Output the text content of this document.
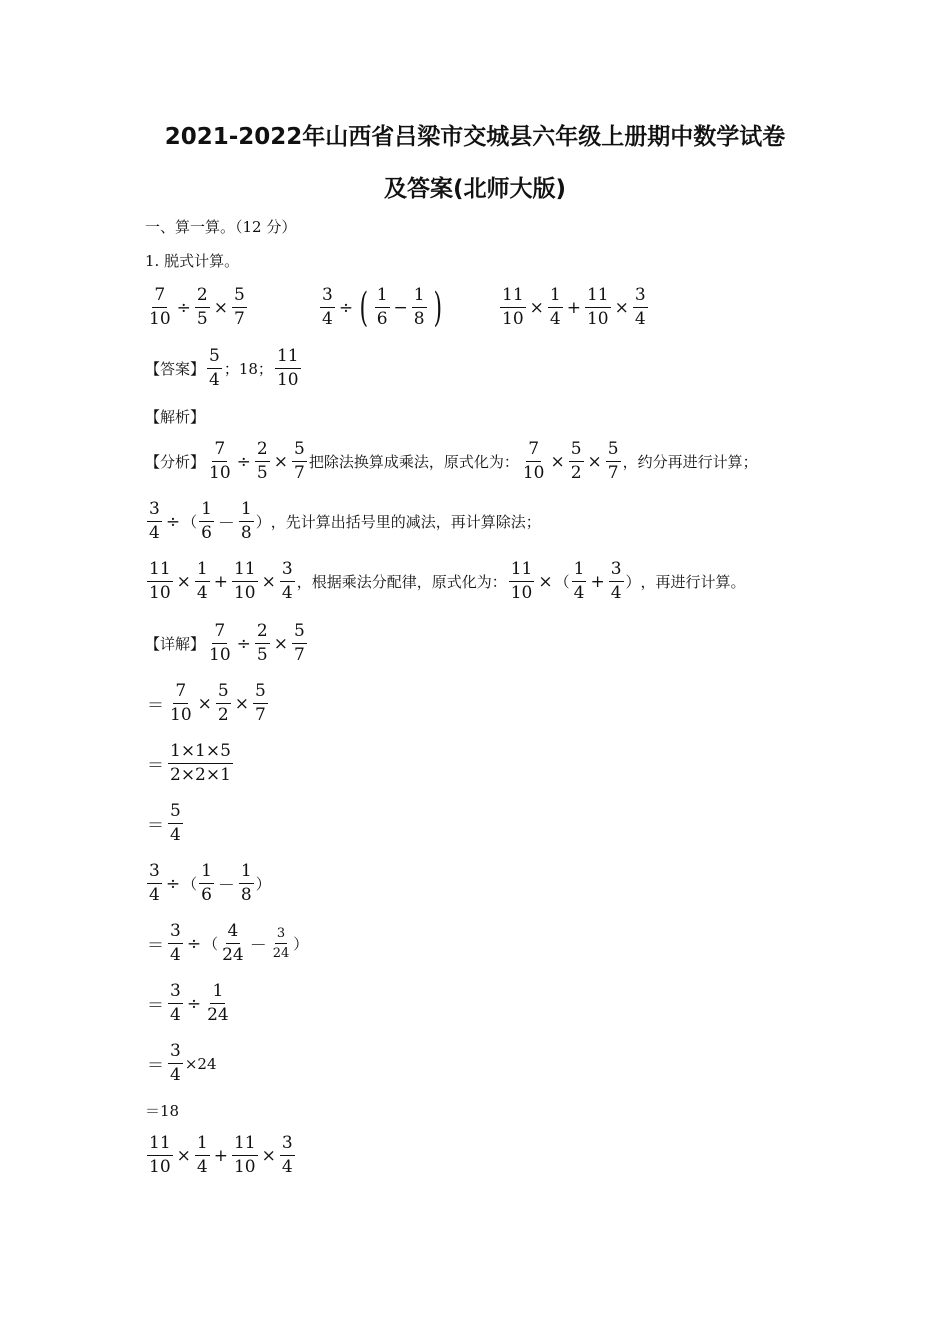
2021-2022年山西省吕梁市交城县六年级上册期中数学试卷
及答案(北师大版)
一、算一算。（12 分）
1. 脱式计算。
$\frac{7}{10} \div \frac{2}{5} \times \frac{5}{7}$	$\frac{3}{4}$ ÷ ( $\frac{1}{6} - \frac{1}{8}$ )	$\frac{11}{10} \times \frac{1}{4} + \frac{11}{10} \times \frac{3}{4}$
【答案】 $\frac{5}{4}$ ；18； $\frac{11}{10}$
【解析】
【分析】 $\frac{7}{10} \div \frac{2}{5} \times \frac{5}{7}$ 把除法换算成乘法，原式化为： $\frac{7}{10} \times \frac{5}{2} \times \frac{5}{7}$ ，约分再进行计算；
$\frac{3}{4}$ ÷ （ $\frac{1}{6} - \frac{1}{8}$ ） ，先计算出括号里的减法，再计算除法；
$\frac{11}{10} \times \frac{1}{4} + \frac{11}{10} \times \frac{3}{4}$ ，根据乘法分配律，原式化为： $\frac{11}{10}$ × （ $\frac{1}{4} + \frac{3}{4}$ ） ，再进行计算。
【详解】 $\frac{7}{10} \div \frac{2}{5} \times \frac{5}{7}$
＝ $\frac{7}{10} \times \frac{5}{2} \times \frac{5}{7}$
＝ $\frac{1\times 1\times 5}{2\times 2\times 1}$
＝ $\frac{5}{4}$
$\frac{3}{4}$ ÷ （ $\frac{1}{6} - \frac{1}{8}$ ）
＝ $\frac{3}{4}$ ÷ （ $\frac{4}{24} - \frac{3}{24}$ ）
＝ $\frac{3}{4} \div \frac{1}{24}$
＝ $\frac{3}{4} \times 24$
＝18
$\frac{11}{10} \times \frac{1}{4} + \frac{11}{10} \times \frac{3}{4}$
